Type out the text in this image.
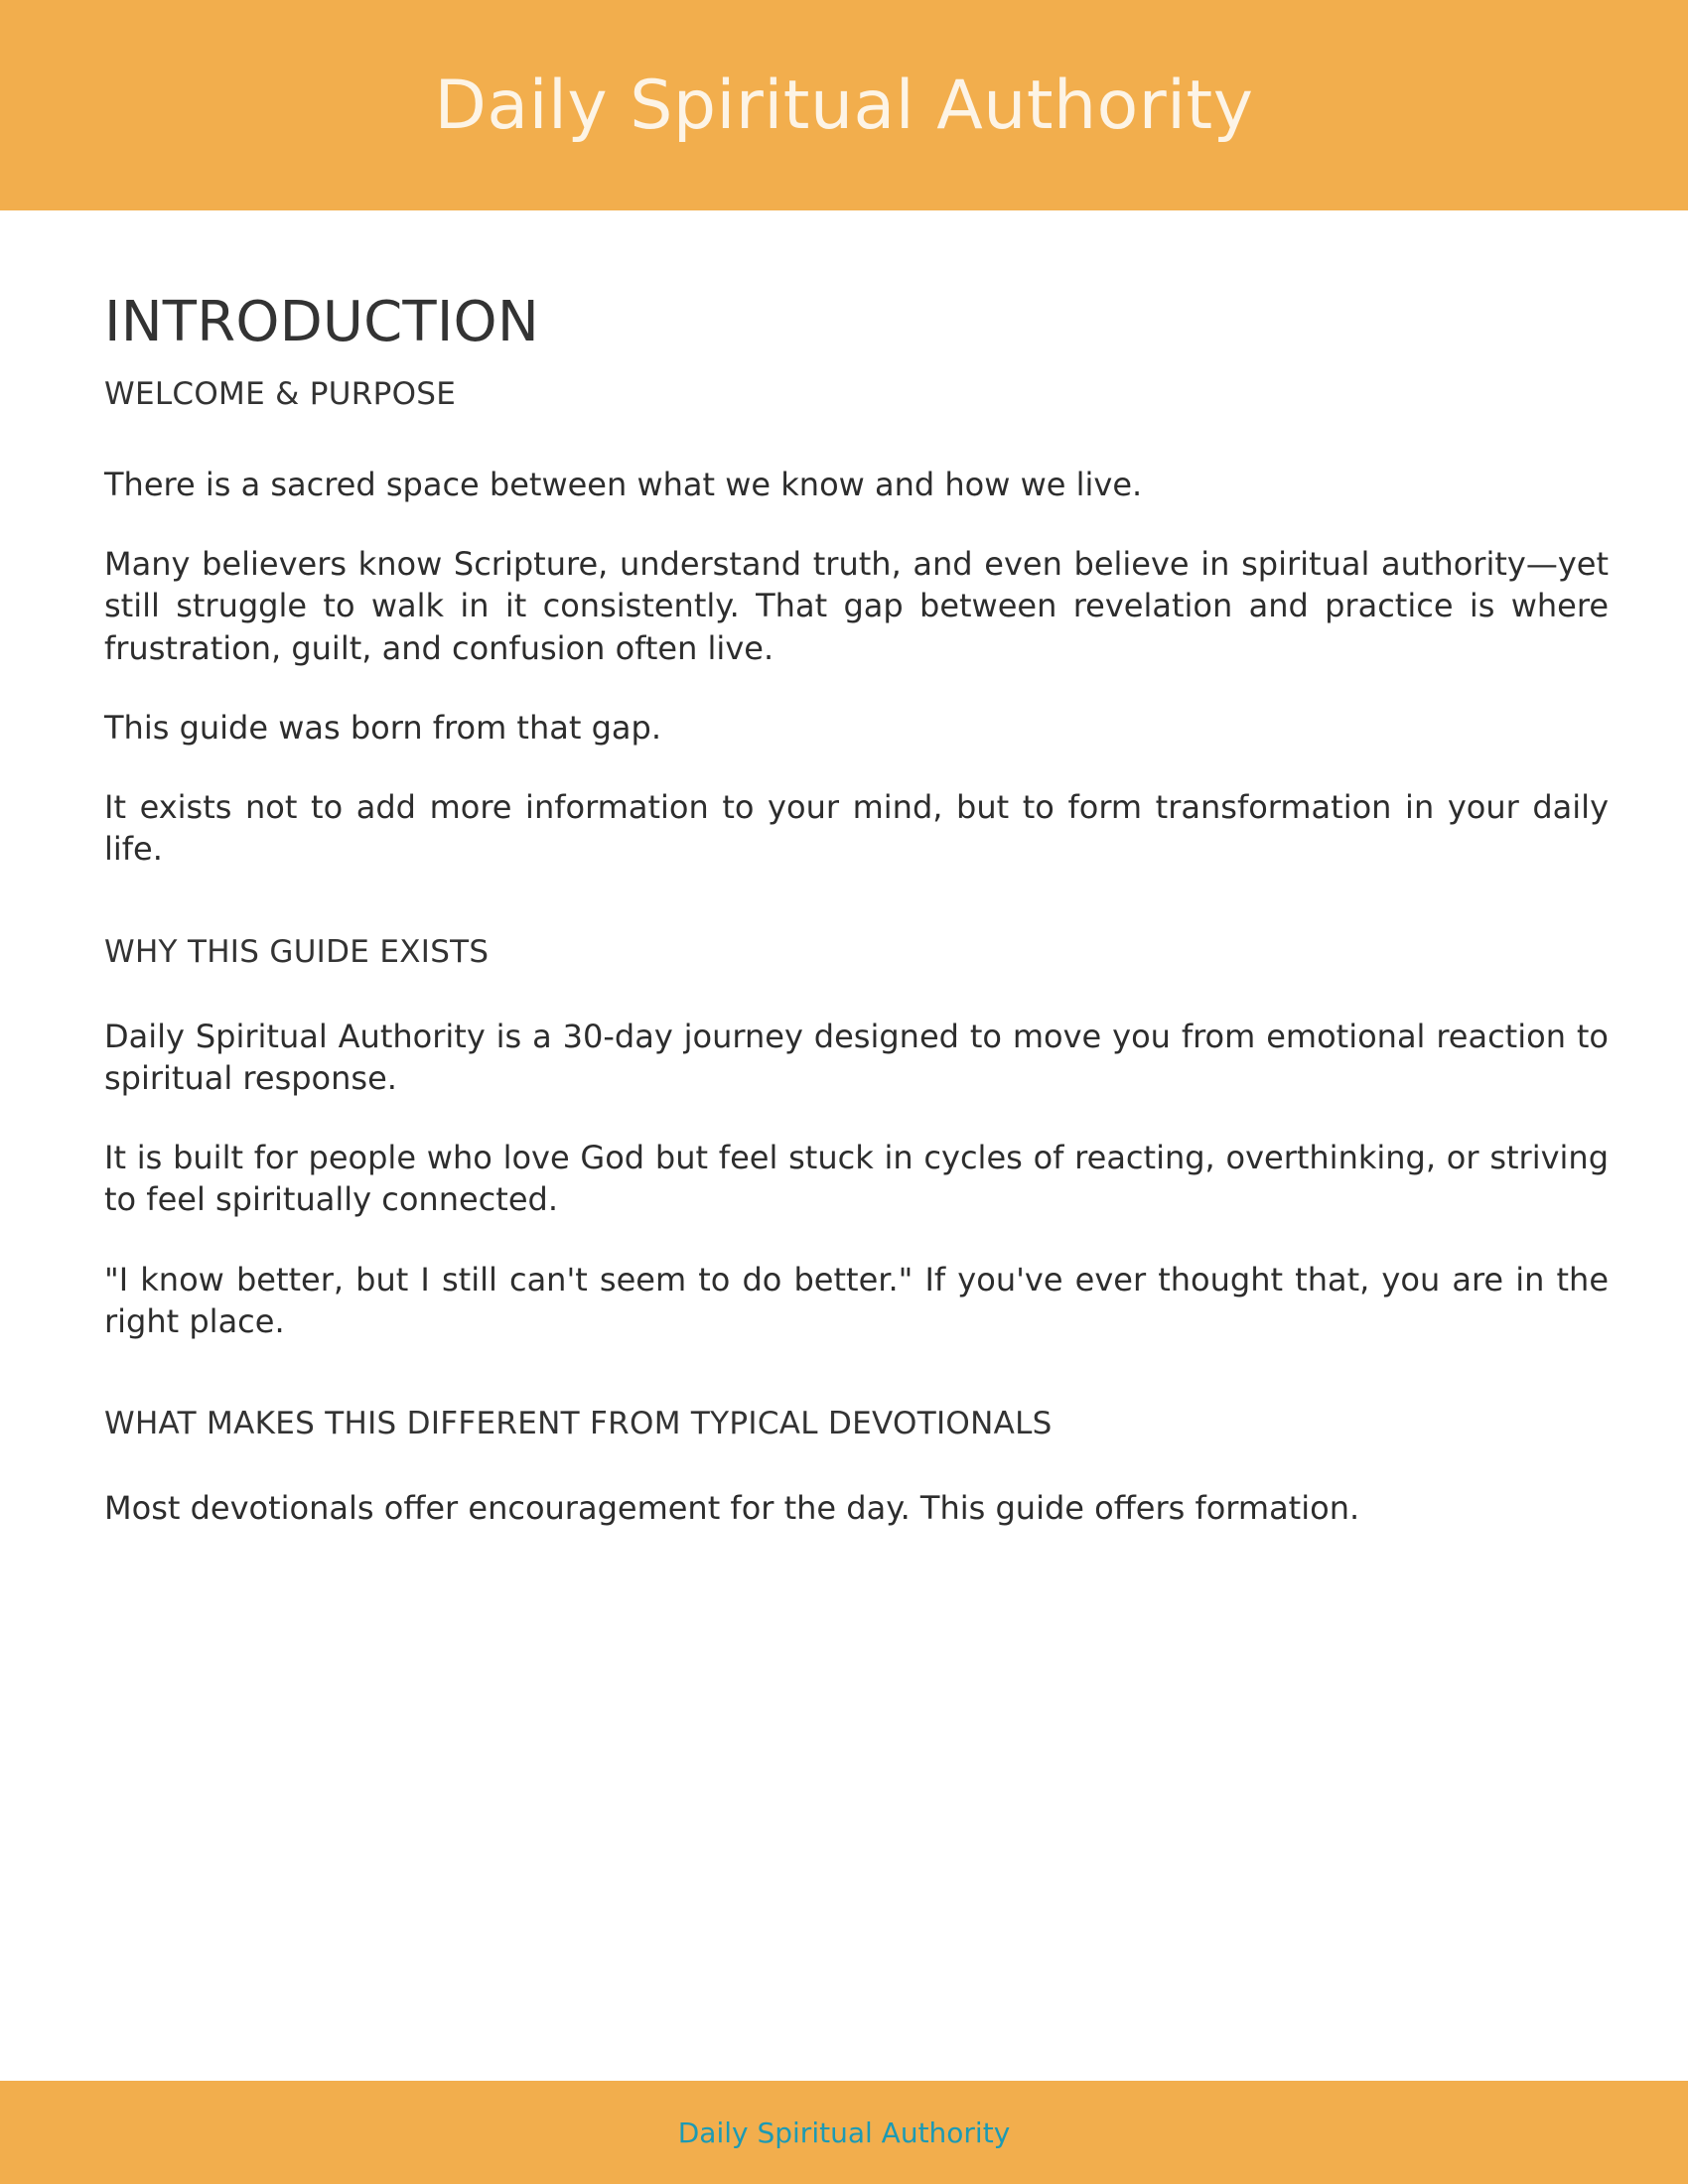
Daily Spiritual Authority
INTRODUCTION
WELCOME & PURPOSE

There is a sacred space between what we know and how we live.

Many believers know Scripture, understand truth, and even believe in spiritual authority—yet still struggle to walk in it consistently. That gap between revelation and practice is where frustration, guilt, and confusion often live.

This guide was born from that gap.

It exists not to add more information to your mind, but to form transformation in your daily life.

WHY THIS GUIDE EXISTS

Daily Spiritual Authority is a 30-day journey designed to move you from emotional reaction to spiritual response.

It is built for people who love God but feel stuck in cycles of reacting, overthinking, or striving to feel spiritually connected.

"I know better, but I still can't seem to do better." If you've ever thought that, you are in the right place.

WHAT MAKES THIS DIFFERENT FROM TYPICAL DEVOTIONALS

Most devotionals offer encouragement for the day. This guide offers formation.

Daily Spiritual Authority
